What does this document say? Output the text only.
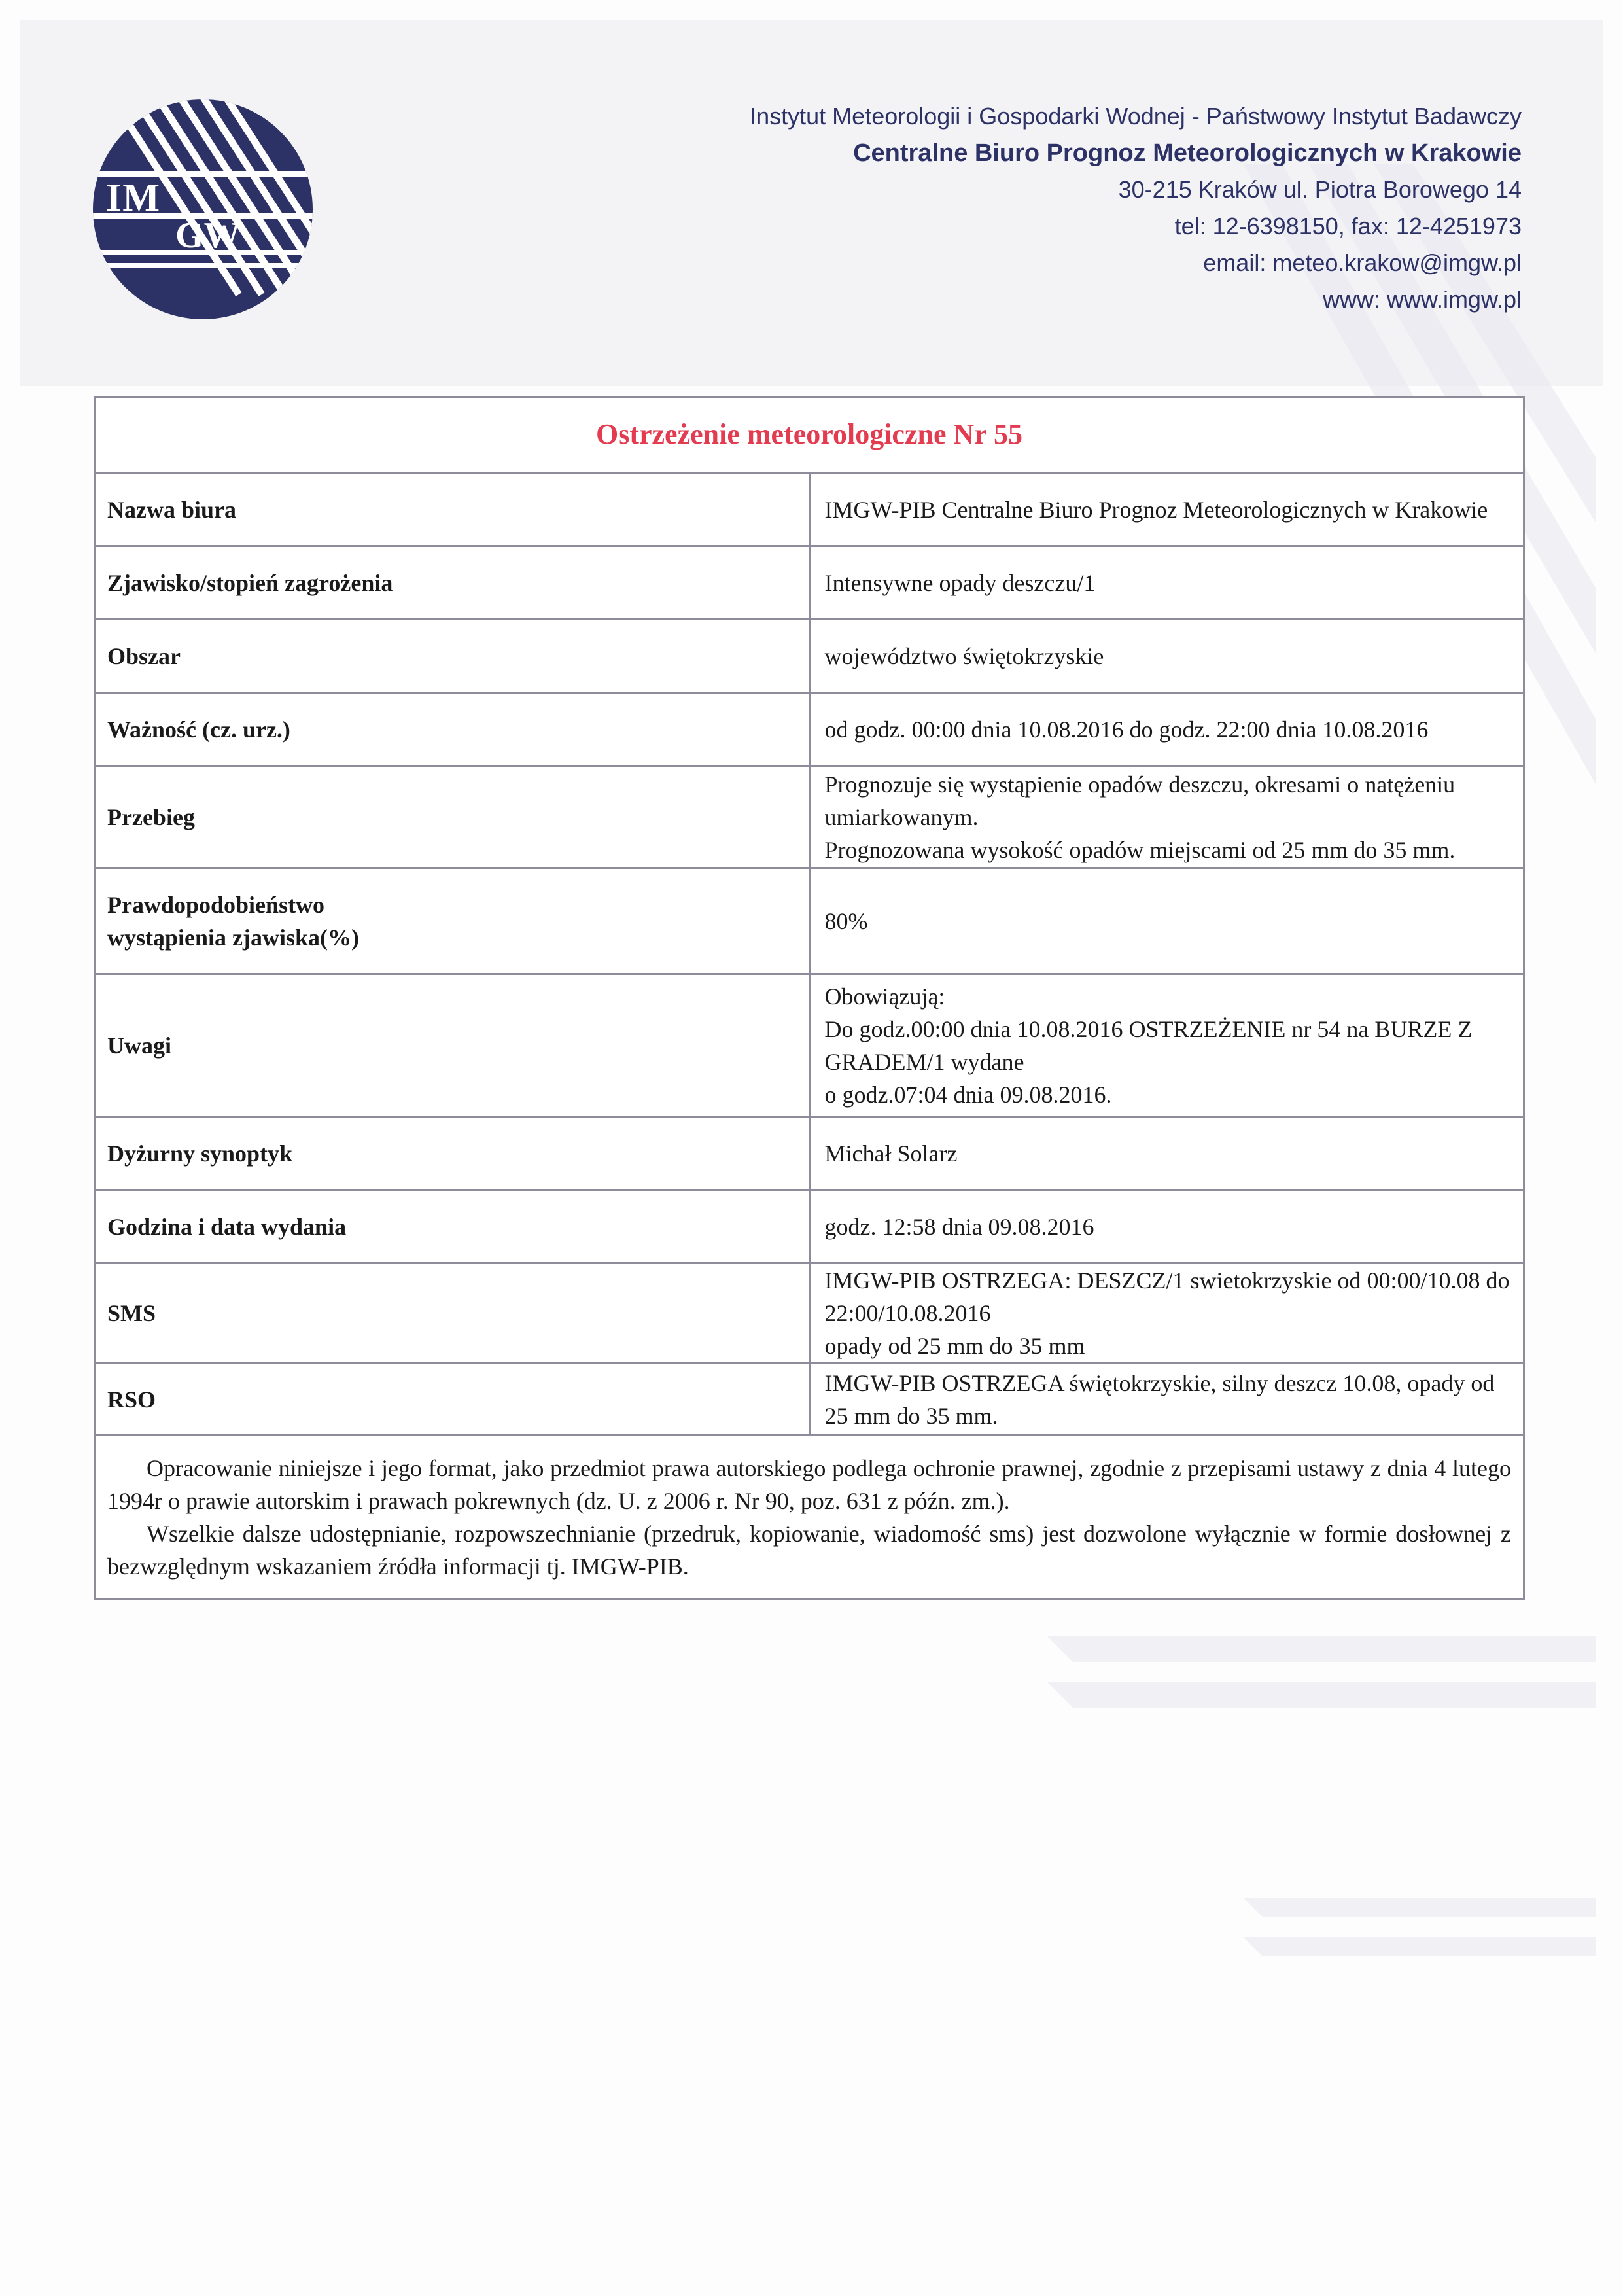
IM
GW
Instytut Meteorologii i Gospodarki Wodnej - Państwowy Instytut Badawczy
Centralne Biuro Prognoz Meteorologicznych w Krakowie
30-215 Kraków ul. Piotra Borowego 14
tel: 12-6398150, fax: 12-4251973
email: meteo.krakow@imgw.pl
www: www.imgw.pl
Ostrzeżenie meteorologiczne Nr 55	

Nazwa biura	IMGW-PIB Centralne Biuro Prognoz Meteorologicznych w Krakowie

Zjawisko/stopień zagrożenia	Intensywne opady deszczu/1

Obszar	województwo świętokrzyskie

Ważność (cz. urz.)	od godz. 00:00 dnia 10.08.2016 do godz. 22:00 dnia 10.08.2016

Przebieg	Prognozuje się wystąpienie opadów deszczu, okresami o natężeniu umiarkowanym.
Prognozowana wysokość opadów miejscami od 25 mm do 35 mm.

Prawdopodobieństwo
wystąpienia zjawiska(%)	80%

Uwagi	Obowiązują:
Do godz.00:00 dnia 10.08.2016 OSTRZEŻENIE nr 54 na BURZE Z GRADEM/1 wydane
o godz.07:04 dnia 09.08.2016.

Dyżurny synoptyk	Michał Solarz

Godzina i data wydania	godz. 12:58 dnia 09.08.2016

SMS	IMGW-PIB OSTRZEGA: DESZCZ/1 swietokrzyskie od 00:00/10.08 do 22:00/10.08.2016
opady od 25 mm do 35 mm

RSO	IMGW-PIB OSTRZEGA świętokrzyskie, silny deszcz 10.08, opady od 25 mm do 35 mm.

Opracowanie niniejsze i jego format, jako przedmiot prawa autorskiego podlega ochronie prawnej, zgodnie z przepisami ustawy z dnia 4 lutego 1994r o prawie autorskim i prawach pokrewnych (dz. U. z 2006 r. Nr 90, poz. 631 z późn. zm.).

Wszelkie dalsze udostępnianie, rozpowszechnianie (przedruk, kopiowanie, wiadomość sms) jest dozwolone wyłącznie w formie dosłownej z bezwzględnym wskazaniem źródła informacji tj. IMGW-PIB.	
